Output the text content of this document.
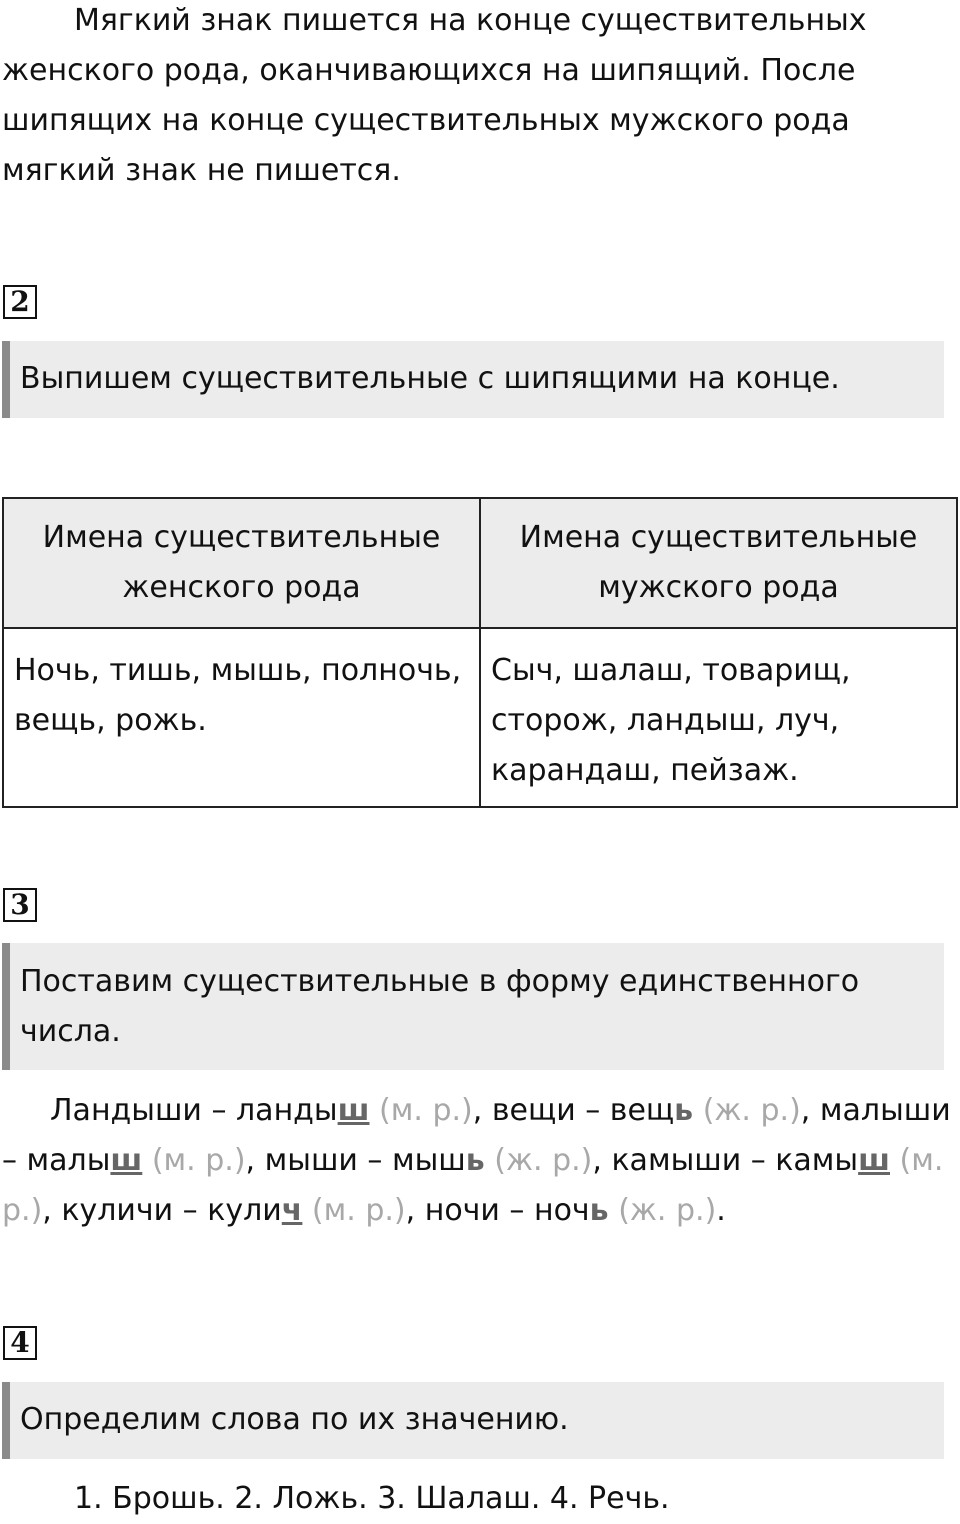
Мягкий знак пишется на конце существительных женского рода, оканчивающихся на шипящий. После шипящих на конце существительных мужского рода мягкий знак не пишется.

2
Выпишем существительные с шипящими на конце.
Имена существительные женского рода	Имена существительные мужского рода
Ночь, тишь, мышь, полночь, вещь, рожь.	Сыч, шалаш, товарищ, сторож, ландыш, луч, карандаш, пейзаж.
3
Поставим существительные в форму единственного числа.

Ландыши – ландыш (м. р.), вещи – вещь (ж. р.), малыши – малыш (м. р.), мыши – мышь (ж. р.), камыши – камыш (м. р.), куличи – кулич (м. р.), ночи – ночь (ж. р.).

4
Определим слова по их значению.
1. Брошь. 2. Ложь. 3. Шалаш. 4. Речь.
